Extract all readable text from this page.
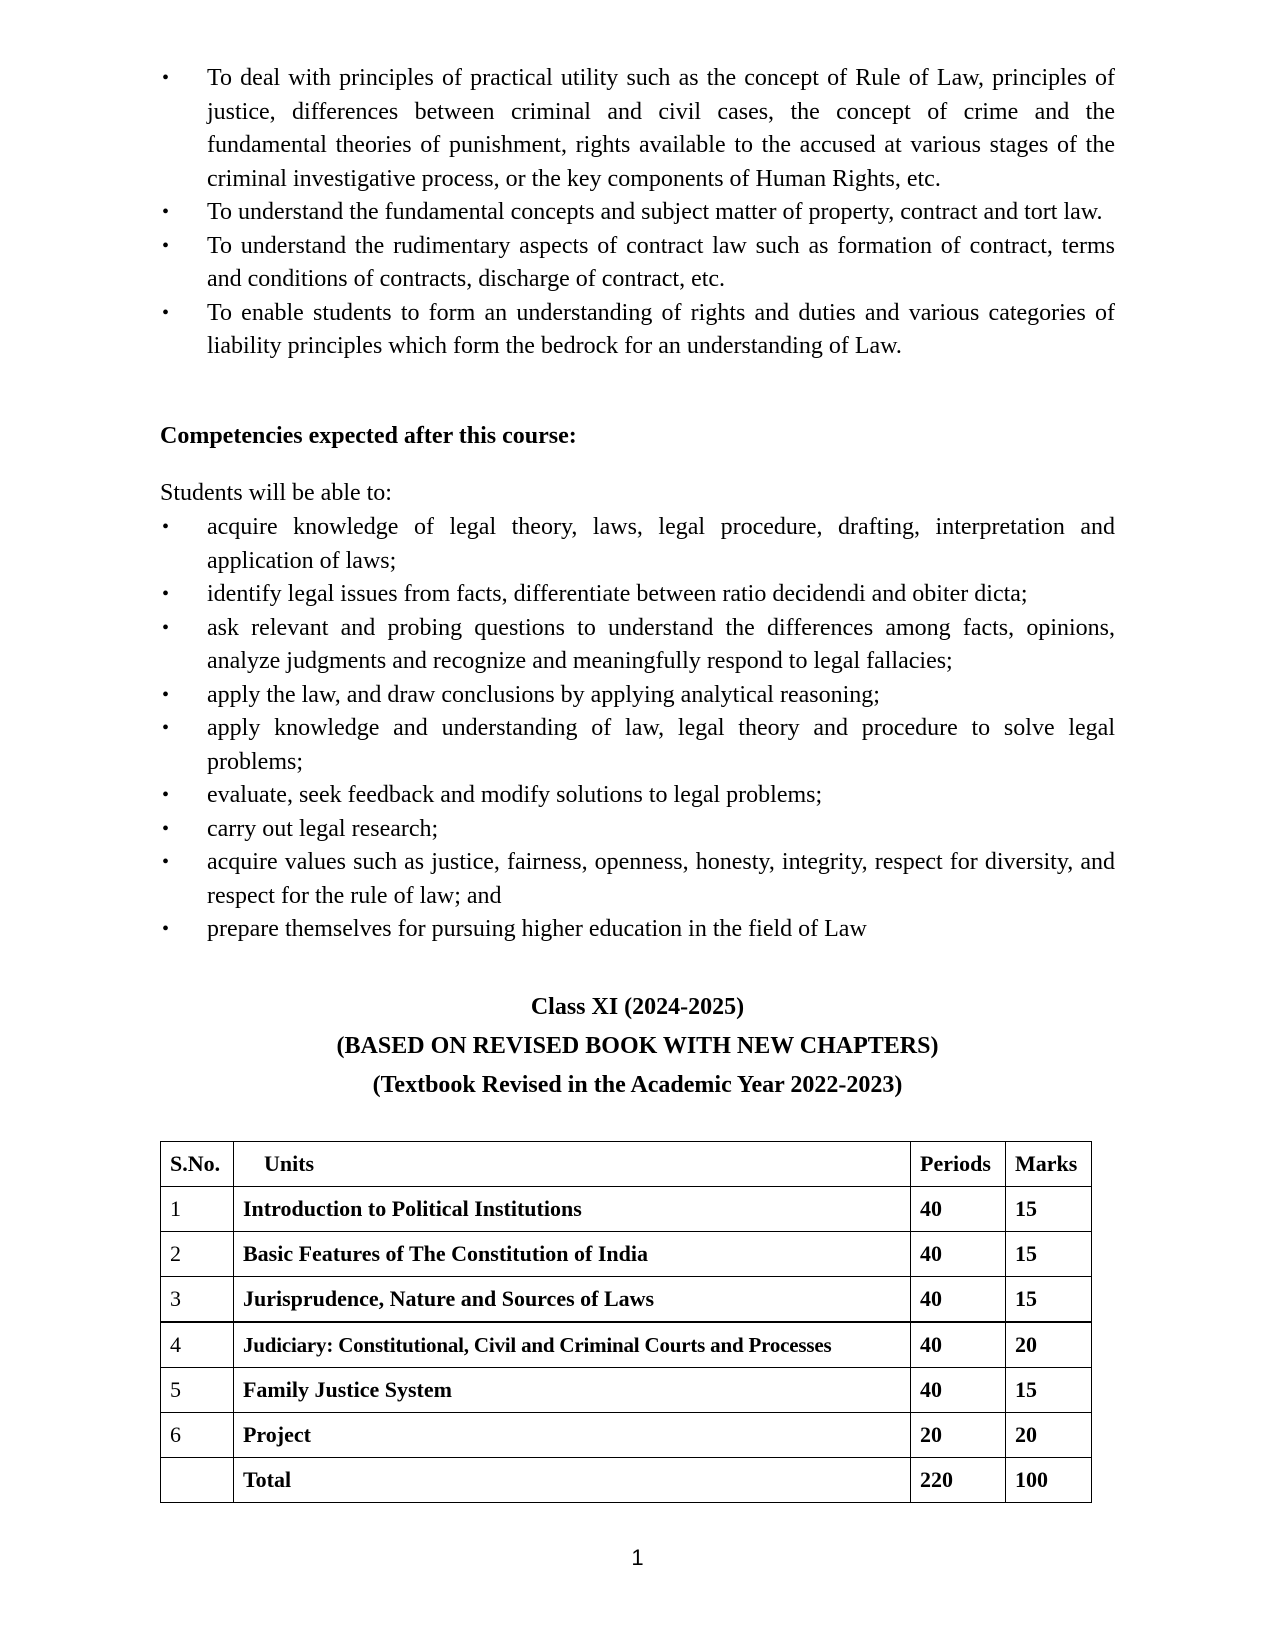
•	To deal with principles of practical utility such as the concept of Rule of Law, principles of justice, differences between criminal and civil cases, the concept of crime and the fundamental theories of punishment, rights available to the accused at various stages of the criminal investigative process, or the key components of Human Rights, etc.
•	To understand the fundamental concepts and subject matter of property, contract and tort law.
•	To understand the rudimentary aspects of contract law such as formation of contract, terms and conditions of contracts, discharge of contract, etc.
•	To enable students to form an understanding of rights and duties and various categories of liability principles which form the bedrock for an understanding of Law.
Competencies expected after this course:
Students will be able to:
•	acquire knowledge of legal theory, laws, legal procedure, drafting, interpretation and application of laws;
•	identify legal issues from facts, differentiate between ratio decidendi and obiter dicta;
•	ask relevant and probing questions to understand the differences among facts, opinions, analyze judgments and recognize and meaningfully respond to legal fallacies;
•	apply the law, and draw conclusions by applying analytical reasoning;
•	apply knowledge and understanding of law, legal theory and procedure to solve legal problems;
•	evaluate, seek feedback and modify solutions to legal problems;
•	carry out legal research;
•	acquire values such as justice, fairness, openness, honesty, integrity, respect for diversity, and respect for the rule of law; and
•	prepare themselves for pursuing higher education in the field of Law
Class XI (2024-2025)
(BASED ON REVISED BOOK WITH NEW CHAPTERS)
(Textbook Revised in the Academic Year 2022-2023)
S.No.	Units	Periods	Marks
1	Introduction to Political Institutions	40	15
2	Basic Features of The Constitution of India	40	15
3	Jurisprudence, Nature and Sources of Laws	40	15
4	Judiciary: Constitutional, Civil and Criminal Courts and Processes	40	20
5	Family Justice System	40	15
6	Project	20	20
	Total	220	100
1
